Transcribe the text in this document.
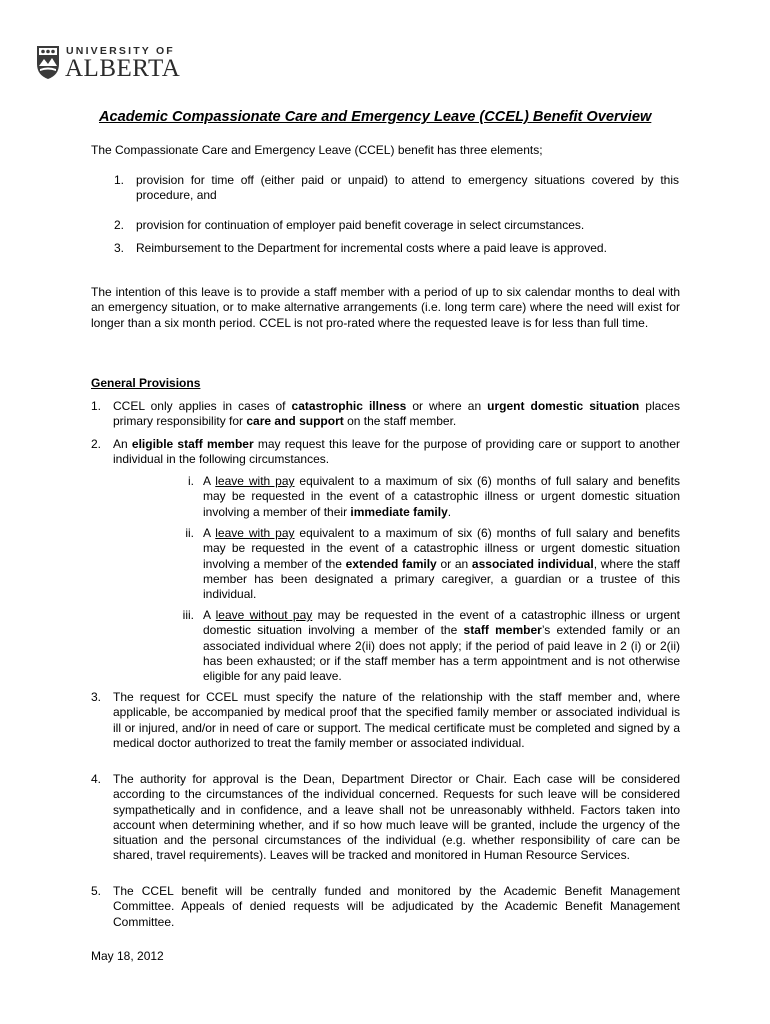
UNIVERSITY OF
ALBERTA
Academic Compassionate Care and Emergency Leave (CCEL) Benefit Overview
The Compassionate Care and Emergency Leave (CCEL) benefit has three elements;
1. provision for time off (either paid or unpaid) to attend to emergency situations covered by this procedure, and
2. provision for continuation of employer paid benefit coverage in select circumstances.
3. Reimbursement to the Department for incremental costs where a paid leave is approved.
The intention of this leave is to provide a staff member with a period of up to six calendar months to deal with an emergency situation, or to make alternative arrangements (i.e. long term care) where the need will exist for longer than a six month period. CCEL is not pro-rated where the requested leave is for less than full time.
General Provisions
1. CCEL only applies in cases of catastrophic illness or where an urgent domestic situation places primary responsibility for care and support on the staff member.
2. An eligible staff member may request this leave for the purpose of providing care or support to another individual in the following circumstances.
i. A leave with pay equivalent to a maximum of six (6) months of full salary and benefits may be requested in the event of a catastrophic illness or urgent domestic situation involving a member of their immediate family.
ii. A leave with pay equivalent to a maximum of six (6) months of full salary and benefits may be requested in the event of a catastrophic illness or urgent domestic situation involving a member of the extended family or an associated individual, where the staff member has been designated a primary caregiver, a guardian or a trustee of this individual.
iii. A leave without pay may be requested in the event of a catastrophic illness or urgent domestic situation involving a member of the staff member’s extended family or an associated individual where 2(ii) does not apply; if the period of paid leave in 2 (i) or 2(ii) has been exhausted; or if the staff member has a term appointment and is not otherwise eligible for any paid leave.
3. The request for CCEL must specify the nature of the relationship with the staff member and, where applicable, be accompanied by medical proof that the specified family member or associated individual is ill or injured, and/or in need of care or support. The medical certificate must be completed and signed by a medical doctor authorized to treat the family member or associated individual.
4. The authority for approval is the Dean, Department Director or Chair. Each case will be considered according to the circumstances of the individual concerned. Requests for such leave will be considered sympathetically and in confidence, and a leave shall not be unreasonably withheld. Factors taken into account when determining whether, and if so how much leave will be granted, include the urgency of the situation and the personal circumstances of the individual (e.g. whether responsibility of care can be shared, travel requirements). Leaves will be tracked and monitored in Human Resource Services.
5. The CCEL benefit will be centrally funded and monitored by the Academic Benefit Management Committee. Appeals of denied requests will be adjudicated by the Academic Benefit Management Committee.
May 18, 2012
